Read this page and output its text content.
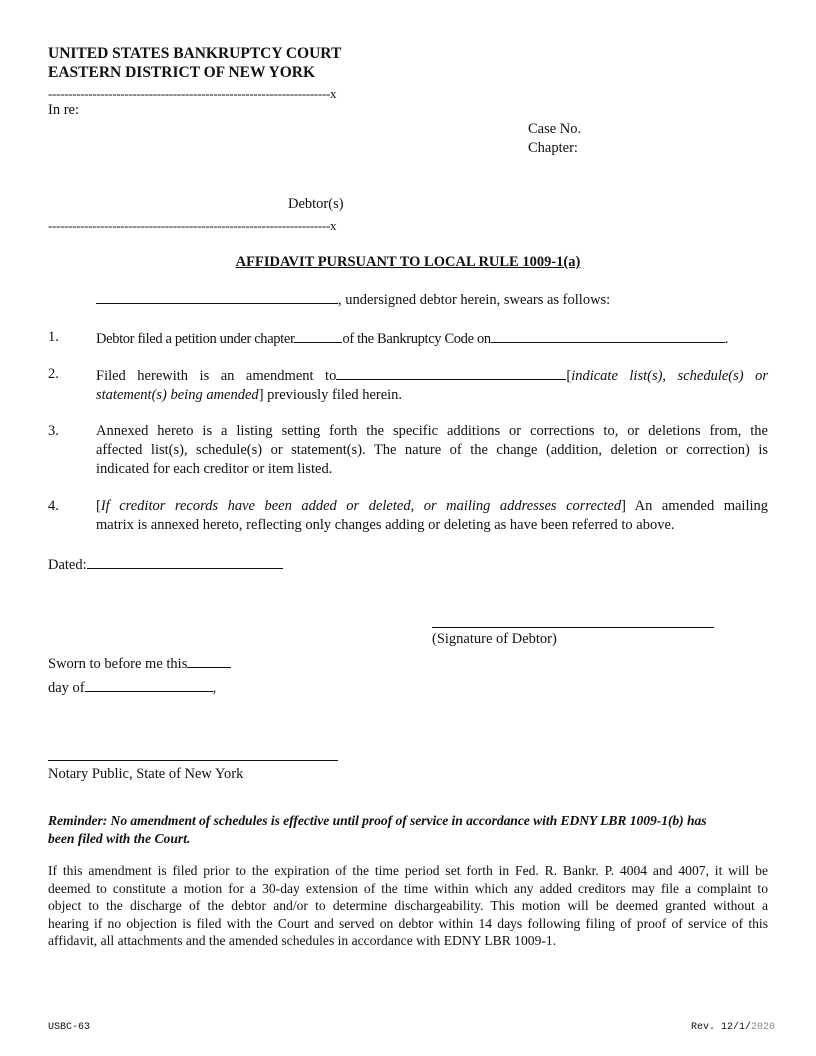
UNITED STATES BANKRUPTCY COURT
EASTERN DISTRICT OF NEW YORK
----------------------------------------------------------------------x
In re:
Case No.
Chapter:
Debtor(s)
----------------------------------------------------------------------x
AFFIDAVIT PURSUANT TO LOCAL RULE 1009-1(a)
, undersigned debtor herein, swears as follows:
1.	Debtor filed a petition under chapter	of the Bankruptcy Code on	.
2.	Filed herewith is an amendment to	[indicate list(s), schedule(s) or
statement(s) being amended] previously filed herein.
3.	Annexed hereto is a listing setting forth the specific additions or corrections to, or deletions from, the
affected list(s), schedule(s) or statement(s). The nature of the change (addition, deletion or correction) is
indicated for each creditor or item listed.
4.	[If creditor records have been added or deleted, or mailing addresses corrected] An amended mailing
matrix is annexed hereto, reflecting only changes adding or deleting as have been referred to above.
Dated:
(Signature of Debtor)
Sworn to before me this
day of	,
Notary Public, State of New York
Reminder: No amendment of schedules is effective until proof of service in accordance with EDNY LBR 1009-1(b) has
been filed with the Court.
If this amendment is filed prior to the expiration of the time period set forth in Fed. R. Bankr. P. 4004 and 4007, it will be
deemed to constitute a motion for a 30-day extension of the time within which any added creditors may file a complaint to
object to the discharge of the debtor and/or to determine dischargeability. This motion will be deemed granted without a
hearing if no objection is filed with the Court and served on debtor within 14 days following filing of proof of service of this
affidavit, all attachments and the amended schedules in accordance with EDNY LBR 1009-1.
USBC-63	Rev. 12/1/2020
